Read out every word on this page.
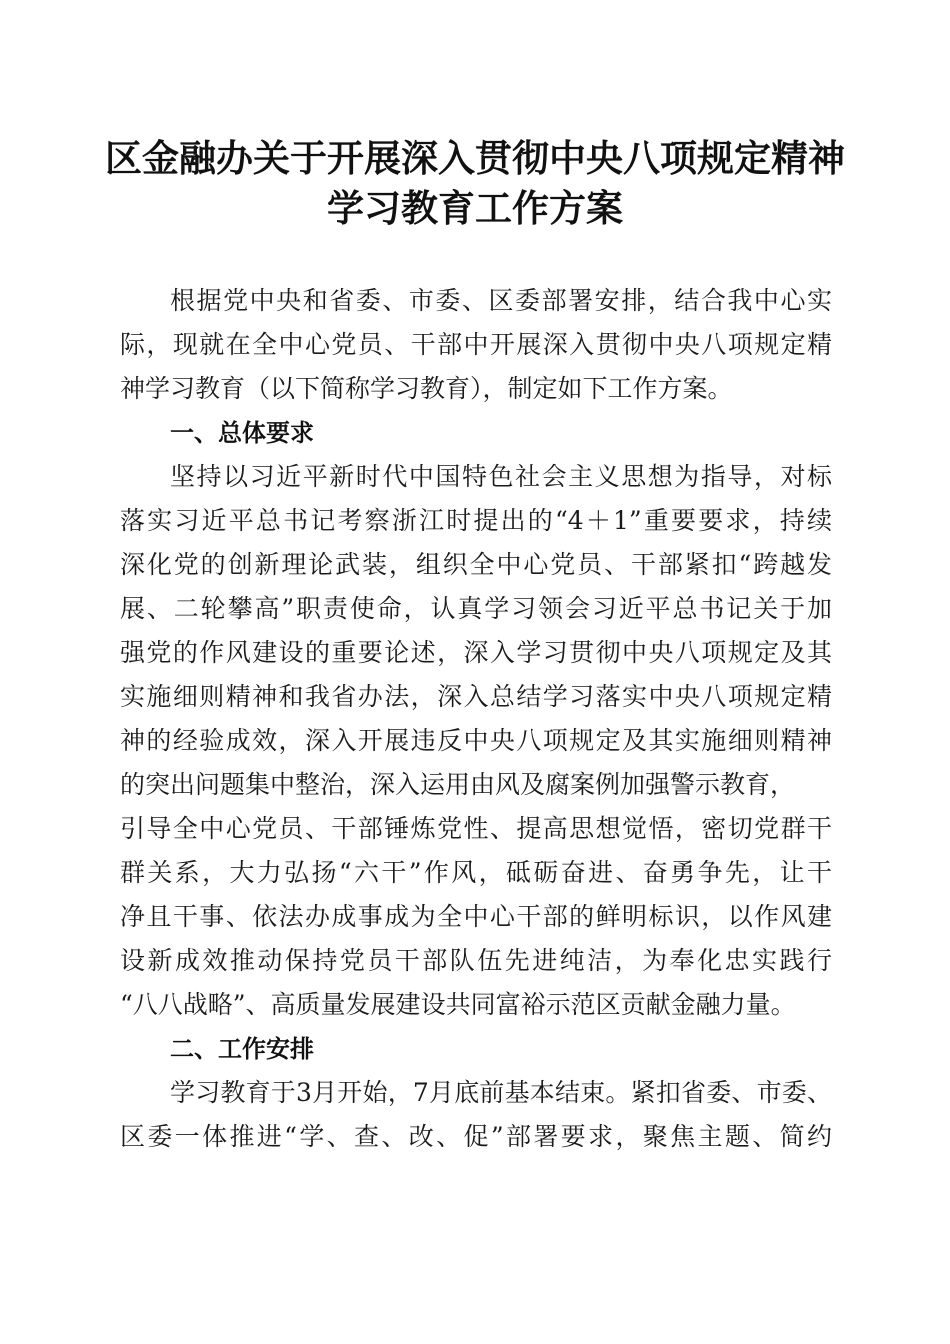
区金融办关于开展深入贯彻中央八项规定精神
学习教育工作方案
根据党中央和省委、市委、区委部署安排，结合我中心实
际，现就在全中心党员、干部中开展深入贯彻中央八项规定精
神学习教育（以下简称学习教育），制定如下工作方案。
一、总体要求
坚持以习近平新时代中国特色社会主义思想为指导，对标
落实习近平总书记考察浙江时提出的“4＋1”重要要求，持续
深化党的创新理论武装，组织全中心党员、干部紧扣“跨越发
展、二轮攀高”职责使命，认真学习领会习近平总书记关于加
强党的作风建设的重要论述，深入学习贯彻中央八项规定及其
实施细则精神和我省办法，深入总结学习落实中央八项规定精
神的经验成效，深入开展违反中央八项规定及其实施细则精神
的突出问题集中整治，深入运用由风及腐案例加强警示教育，
引导全中心党员、干部锤炼党性、提高思想觉悟，密切党群干
群关系，大力弘扬“六干”作风，砥砺奋进、奋勇争先，让干
净且干事、依法办成事成为全中心干部的鲜明标识，以作风建
设新成效推动保持党员干部队伍先进纯洁，为奉化忠实践行
“八八战略”、高质量发展建设共同富裕示范区贡献金融力量。
二、工作安排
学习教育于3月开始，7月底前基本结束。紧扣省委、市委、
区委一体推进“学、查、改、促”部署要求，聚焦主题、简约
